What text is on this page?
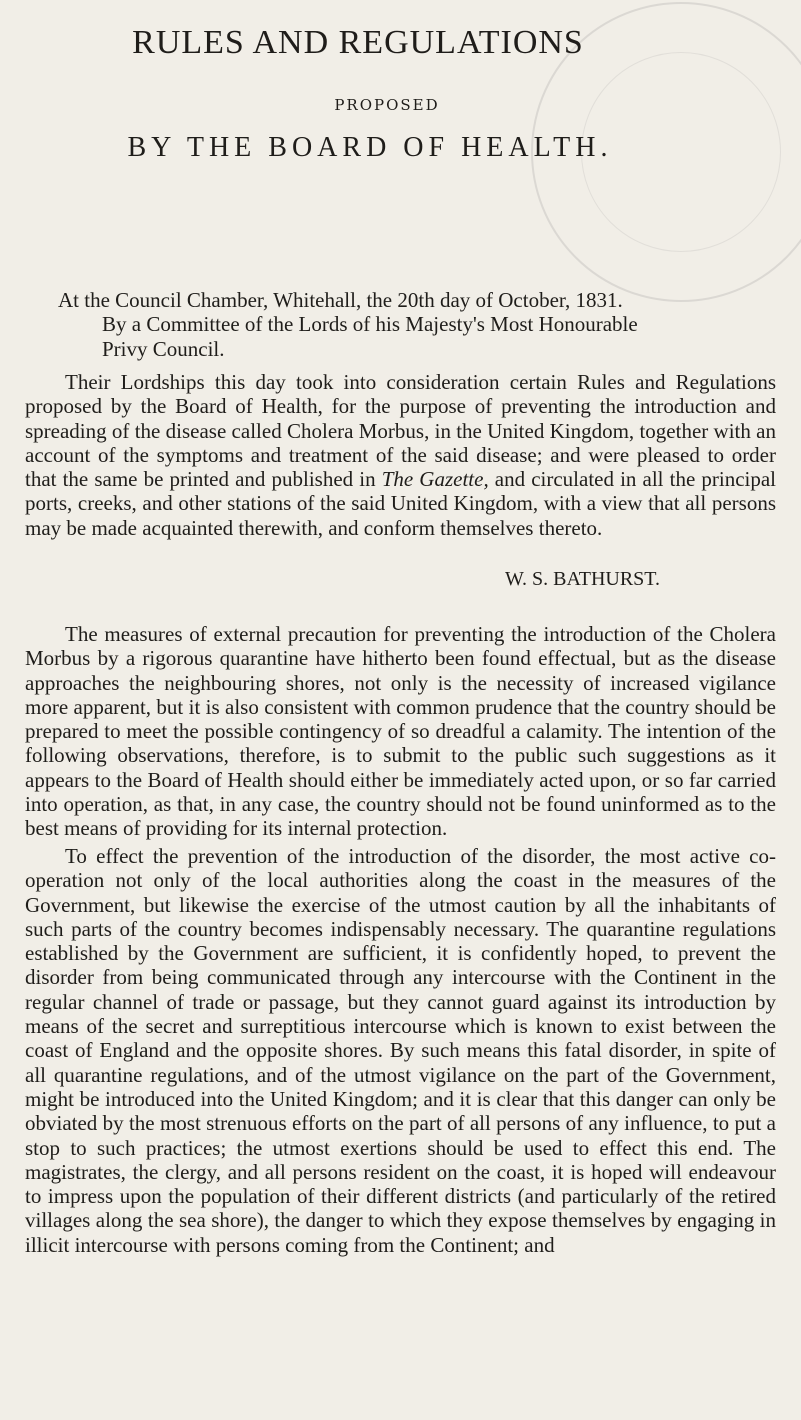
RULES AND REGULATIONS
PROPOSED
BY THE BOARD OF HEALTH.
At the Council Chamber, Whitehall, the 20th day of October, 1831.
By a Committee of the Lords of his Majesty's Most Honourable
Privy Council.

Their Lordships this day took into consideration certain Rules and Regulations proposed by the Board of Health, for the purpose of preventing the introduction and spreading of the disease called Cholera Morbus, in the United Kingdom, together with an account of the symptoms and treatment of the said disease; and were pleased to order that the same be printed and published in The Gazette, and circulated in all the principal ports, creeks, and other stations of the said United Kingdom, with a view that all persons may be made acquainted therewith, and conform themselves thereto.

W. S. BATHURST.

The measures of external precaution for preventing the introduction of the Cholera Morbus by a rigorous quarantine have hitherto been found effectual, but as the disease approaches the neighbouring shores, not only is the necessity of increased vigilance more apparent, but it is also consistent with common prudence that the country should be prepared to meet the possible contingency of so dreadful a calamity. The intention of the following observations, therefore, is to submit to the public such suggestions as it appears to the Board of Health should either be immediately acted upon, or so far carried into operation, as that, in any case, the country should not be found uninformed as to the best means of providing for its internal protection.

To effect the prevention of the introduction of the disorder, the most active co-operation not only of the local authorities along the coast in the measures of the Government, but likewise the exercise of the utmost caution by all the inhabitants of such parts of the country becomes indispensably necessary. The quarantine regulations established by the Government are sufficient, it is confidently hoped, to prevent the disorder from being communicated through any intercourse with the Continent in the regular channel of trade or passage, but they cannot guard against its introduction by means of the secret and surreptitious intercourse which is known to exist between the coast of England and the opposite shores. By such means this fatal disorder, in spite of all quarantine regulations, and of the utmost vigilance on the part of the Government, might be introduced into the United Kingdom; and it is clear that this danger can only be obviated by the most strenuous efforts on the part of all persons of any influence, to put a stop to such practices; the utmost exertions should be used to effect this end. The magistrates, the clergy, and all persons resident on the coast, it is hoped will endeavour to impress upon the population of their different districts (and particularly of the retired villages along the sea shore), the danger to which they expose themselves by engaging in illicit intercourse with persons coming from the Continent; and
